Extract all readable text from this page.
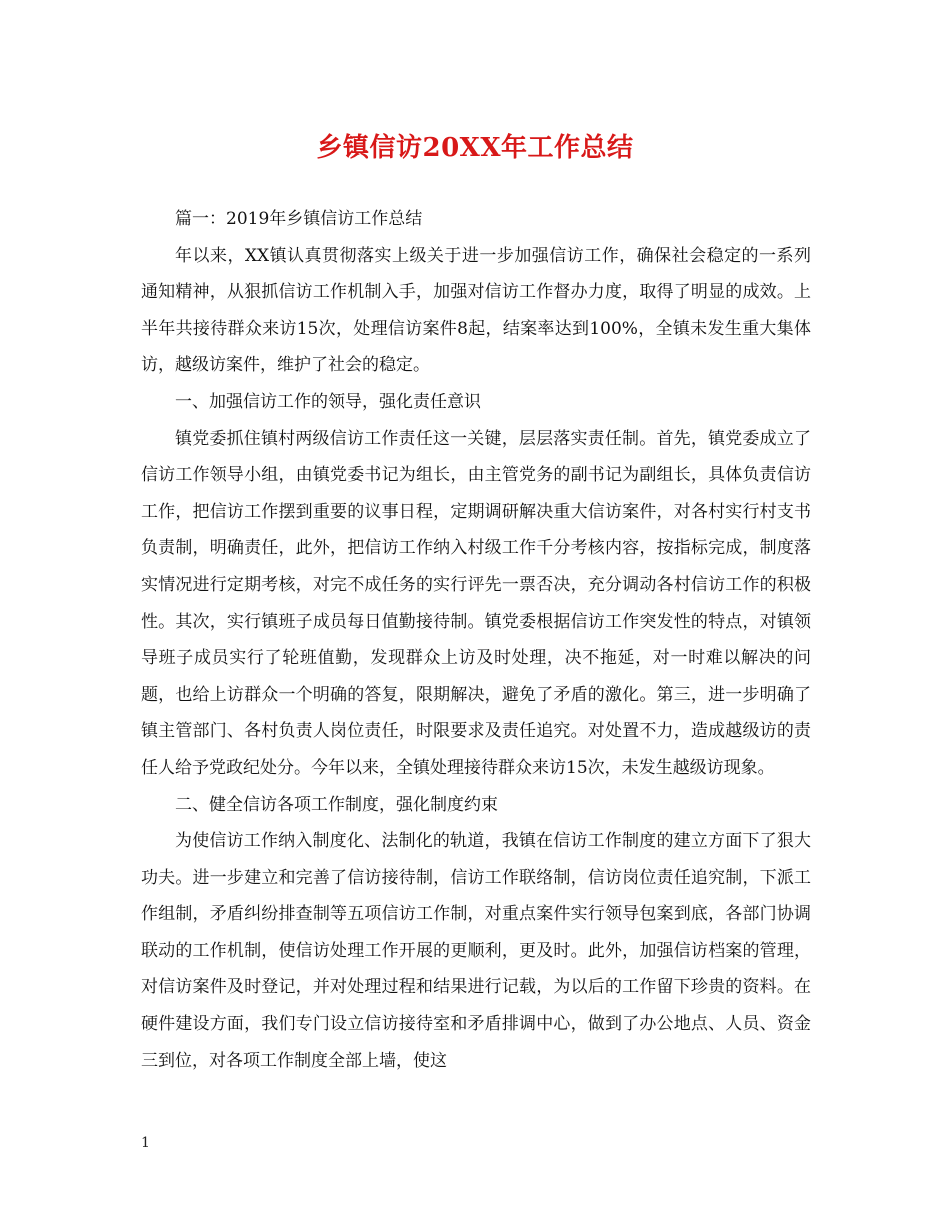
乡镇信访20XX年工作总结

篇一：2019年乡镇信访工作总结

年以来，XX镇认真贯彻落实上级关于进一步加强信访工作，确保社会稳定的一系列通知精神，从狠抓信访工作机制入手，加强对信访工作督办力度，取得了明显的成效。上半年共接待群众来访15次，处理信访案件8起，结案率达到100%，全镇未发生重大集体访，越级访案件，维护了社会的稳定。

一、加强信访工作的领导，强化责任意识

镇党委抓住镇村两级信访工作责任这一关键，层层落实责任制。首先，镇党委成立了信访工作领导小组，由镇党委书记为组长，由主管党务的副书记为副组长，具体负责信访工作，把信访工作摆到重要的议事日程，定期调研解决重大信访案件，对各村实行村支书负责制，明确责任，此外，把信访工作纳入村级工作千分考核内容，按指标完成，制度落实情况进行定期考核，对完不成任务的实行评先一票否决，充分调动各村信访工作的积极性。其次，实行镇班子成员每日值勤接待制。镇党委根据信访工作突发性的特点，对镇领导班子成员实行了轮班值勤，发现群众上访及时处理，决不拖延，对一时难以解决的问题，也给上访群众一个明确的答复，限期解决，避免了矛盾的激化。第三，进一步明确了镇主管部门、各村负责人岗位责任，时限要求及责任追究。对处置不力，造成越级访的责任人给予党政纪处分。今年以来，全镇处理接待群众来访15次，未发生越级访现象。

二、健全信访各项工作制度，强化制度约束

为使信访工作纳入制度化、法制化的轨道，我镇在信访工作制度的建立方面下了狠大功夫。进一步建立和完善了信访接待制，信访工作联络制，信访岗位责任追究制，下派工作组制，矛盾纠纷排查制等五项信访工作制，对重点案件实行领导包案到底，各部门协调联动的工作机制，使信访处理工作开展的更顺利，更及时。此外，加强信访档案的管理，对信访案件及时登记，并对处理过程和结果进行记载，为以后的工作留下珍贵的资料。在硬件建设方面，我们专门设立信访接待室和矛盾排调中心，做到了办公地点、人员、资金三到位，对各项工作制度全部上墙，使这

1
